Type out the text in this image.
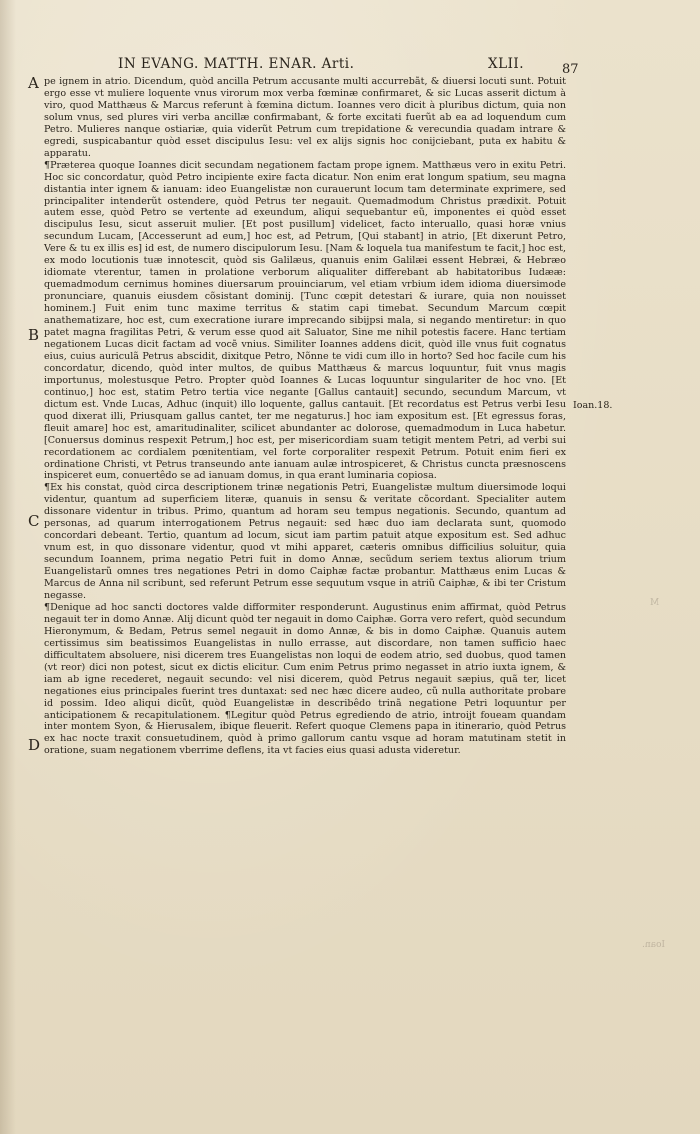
IN EVANG. MATTH. ENAR. Arti.	XLII.	87
A
B
C
D
Ioan.18.
M
Ioan.

pe ignem in atrio. Dicendum, quòd ancilla Petrum accusante multi accurrebãt, & diuersi locuti sunt. Potuit ergo esse vt muliere loquente vnus virorum mox verba fœminæ confirmaret, & sic Lucas asserit dictum à viro, quod Matthæus & Marcus referunt à fœmina dictum. Ioannes vero dicit à pluribus dictum, quia non solum vnus, sed plures viri verba ancillæ confirmabant, & forte excitati fuerũt ab ea ad loquendum cum Petro. Mulieres nanque ostiariæ, quia viderũt Petrum cum trepidatione & verecundia quadam intrare & egredi, suspicabantur quòd esset discipulus Iesu: vel ex alijs signis hoc conijciebant, puta ex habitu & apparatu.

¶Præterea quoque Ioannes dicit secundam negationem factam prope ignem. Matthæus vero in exitu Petri. Hoc sic concordatur, quòd Petro incipiente exire facta dicatur. Non enim erat longum spatium, seu magna distantia inter ignem & ianuam: ideo Euangelistæ non curauerunt locum tam determinate exprimere, sed principaliter intenderũt ostendere, quòd Petrus ter negauit. Quemadmodum Christus prædixit. Potuit autem esse, quòd Petro se vertente ad exeundum, aliqui sequebantur eũ, imponentes ei quòd esset discipulus Iesu, sicut asseruit mulier. [Et post pusillum] videlicet, facto interuallo, quasi horæ vnius secundum Lucam, [Accesserunt ad eum,] hoc est, ad Petrum, [Qui stabant] in atrio, [Et dixerunt Petro, Vere & tu ex illis es] id est, de numero discipulorum Iesu. [Nam & loquela tua manifestum te facit,] hoc est, ex modo locutionis tuæ innotescit, quòd sis Galilæus, quanuis enim Galilæi essent Hebræi, & Hebræo idiomate vterentur, tamen in prolatione verborum aliqualiter differebant ab habitatoribus Iudææ: quemadmodum cernimus homines diuersarum prouinciarum, vel etiam vrbium idem idioma diuersimode pronunciare, quanuis eiusdem cõsistant dominij. [Tunc cœpit detestari & iurare, quia non nouisset hominem.] Fuit enim tunc maxime territus & statim capi timebat. Secundum Marcum cœpit anathematizare, hoc est, cum execratione iurare imprecando sibijpsi mala, si negando mentiretur: in quo patet magna fragilitas Petri, & verum esse quod ait Saluator, Sine me nihil potestis facere. Hanc tertiam negationem Lucas dicit factam ad vocẽ vnius. Similiter Ioannes addens dicit, quòd ille vnus fuit cognatus eius, cuius auriculã Petrus abscidit, dixitque Petro, Nõnne te vidi cum illo in horto? Sed hoc facile cum his concordatur, dicendo, quòd inter multos, de quibus Matthæus & marcus loquuntur, fuit vnus magis importunus, molestusque Petro. Propter quòd Ioannes & Lucas loquuntur singulariter de hoc vno. [Et continuo,] hoc est, statim Petro tertia vice negante [Gallus cantauit] secundo, secundum Marcum, vt dictum est. Vnde Lucas, Adhuc (inquit) illo loquente, gallus cantauit. [Et recordatus est Petrus verbi Iesu quod dixerat illi, Priusquam gallus cantet, ter me negaturus.] hoc iam expositum est. [Et egressus foras, fleuit amare] hoc est, amaritudinaliter, scilicet abundanter ac dolorose, quemadmodum in Luca habetur. [Conuersus dominus respexit Petrum,] hoc est, per misericordiam suam tetigit mentem Petri, ad verbi sui recordationem ac cordialem pœnitentiam, vel forte corporaliter respexit Petrum. Potuit enim fieri ex ordinatione Christi, vt Petrus transeundo ante ianuam aulæ introspiceret, & Christus cuncta præsnoscens inspiceret eum, conuertêdo se ad ianuam domus, in qua erant luminaria copiosa.

¶Ex his constat, quòd circa descriptionem trinæ negationis Petri, Euangelistæ multum diuersimode loqui videntur, quantum ad superficiem literæ, quanuis in sensu & veritate cõcordant. Specialiter autem dissonare videntur in tribus. Primo, quantum ad horam seu tempus negationis. Secundo, quantum ad personas, ad quarum interrogationem Petrus negauit: sed hæc duo iam declarata sunt, quomodo concordari debeant. Tertio, quantum ad locum, sicut iam partim patuit atque expositum est. Sed adhuc vnum est, in quo dissonare videntur, quod vt mihi apparet, cæteris omnibus difficilius soluitur, quia secundum Ioannem, prima negatio Petri fuit in domo Annæ, secũdum seriem textus aliorum trium Euangelistarũ omnes tres negationes Petri in domo Caiphæ factæ probantur. Matthæus enim Lucas & Marcus de Anna nil scribunt, sed referunt Petrum esse sequutum vsque in atriũ Caiphæ, & ibi ter Cristum negasse.

¶Denique ad hoc sancti doctores valde difformiter responderunt. Augustinus enim affirmat, quòd Petrus negauit ter in domo Annæ. Alij dicunt quòd ter negauit in domo Caiphæ. Gorra vero refert, quòd secundum Hieronymum, & Bedam, Petrus semel negauit in domo Annæ, & bis in domo Caiphæ. Quanuis autem certissimus sim beatissimos Euangelistas in nullo errasse, aut discordare, non tamen sufficio haec difficultatem absoluere, nisi dicerem tres Euangelistas non loqui de eodem atrio, sed duobus, quod tamen (vt reor) dici non potest, sicut ex dictis elicitur. Cum enim Petrus primo negasset in atrio iuxta ignem, & iam ab igne recederet, negauit secundo: vel nisi dicerem, quòd Petrus negauit sæpius, quã ter, licet negationes eius principales fuerint tres duntaxat: sed nec hæc dicere audeo, cũ nulla authoritate probare id possim. Ideo aliqui dicũt, quòd Euangelistæ in describêdo trinã negatione Petri loquuntur per anticipationem & recapitulationem. ¶Legitur quòd Petrus egrediendo de atrio, introijt foueam quandam inter montem Syon, & Hierusalem, ibique fleuerit. Refert quoque Clemens papa in itinerario, quòd Petrus ex hac nocte traxit consuetudinem, quòd à primo gallorum cantu vsque ad horam matutinam stetit in oratione, suam negationem vberrime deflens, ita vt facies eius quasi adusta videretur.
